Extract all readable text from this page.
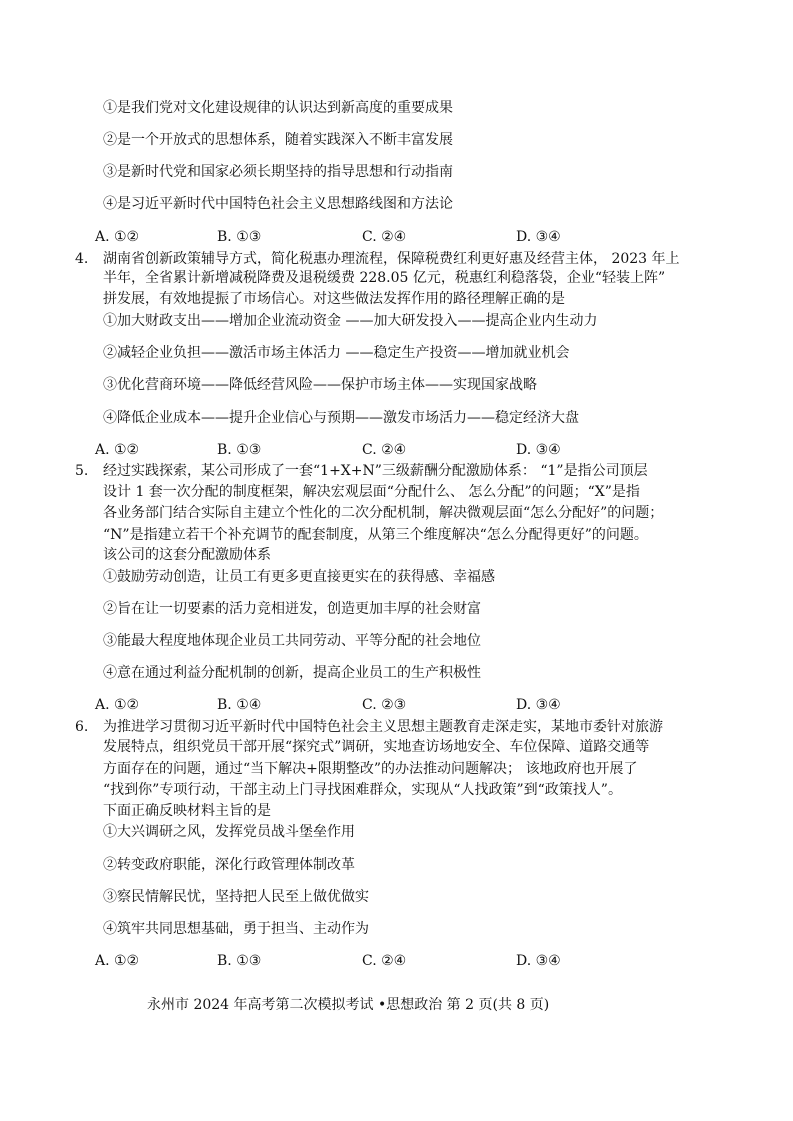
①是我们党对文化建设规律的认识达到新高度的重要成果
②是一个开放式的思想体系，随着实践深入不断丰富发展
③是新时代党和国家必须长期坚持的指导思想和行动指南
④是习近平新时代中国特色社会主义思想路线图和方法论
A. ①②	B. ①③	C. ②④	D. ③④
4. 湖南省创新政策辅导方式，简化税惠办理流程，保障税费红利更好惠及经营主体， 2023 年上
半年，全省累计新增减税降费及退税缓费 228.05 亿元，税惠红利稳落袋，企业“轻装上阵”
拼发展，有效地提振了市场信心。对这些做法发挥作用的路径理解正确的是
①加大财政支出——增加企业流动资金 ——加大研发投入——提高企业内生动力
②减轻企业负担——激活市场主体活力 ——稳定生产投资——增加就业机会
③优化营商环境——降低经营风险——保护市场主体——实现国家战略
④降低企业成本——提升企业信心与预期——激发市场活力——稳定经济大盘
A. ①②	B. ①③	C. ②④	D. ③④
5. 经过实践探索，某公司形成了一套“1+X+N”三级薪酬分配激励体系： “1”是指公司顶层
设计 1 套一次分配的制度框架，解决宏观层面“分配什么、 怎么分配”的问题；“X”是指
各业务部门结合实际自主建立个性化的二次分配机制，解决微观层面“怎么分配好”的问题；
“N”是指建立若干个补充调节的配套制度，从第三个维度解决“怎么分配得更好”的问题。
该公司的这套分配激励体系
①鼓励劳动创造，让员工有更多更直接更实在的获得感、幸福感
②旨在让一切要素的活力竞相迸发，创造更加丰厚的社会财富
③能最大程度地体现企业员工共同劳动、平等分配的社会地位
④意在通过利益分配机制的创新，提高企业员工的生产积极性
A. ①②	B. ①④	C. ②③	D. ③④
6. 为推进学习贯彻习近平新时代中国特色社会主义思想主题教育走深走实，某地市委针对旅游
发展特点，组织党员干部开展“探究式”调研，实地查访场地安全、车位保障、道路交通等
方面存在的问题，通过“当下解决+限期整改”的办法推动问题解决； 该地政府也开展了
“找到你”专项行动，干部主动上门寻找困难群众，实现从“人找政策”到“政策找人”。
下面正确反映材料主旨的是
①大兴调研之风，发挥党员战斗堡垒作用
②转变政府职能，深化行政管理体制改革
③察民情解民忧，坚持把人民至上做优做实
④筑牢共同思想基础，勇于担当、主动作为
A. ①②	B. ①③	C. ②④	D. ③④
永州市 2024 年高考第二次模拟考试 •思想政治 第 2 页(共 8 页)
